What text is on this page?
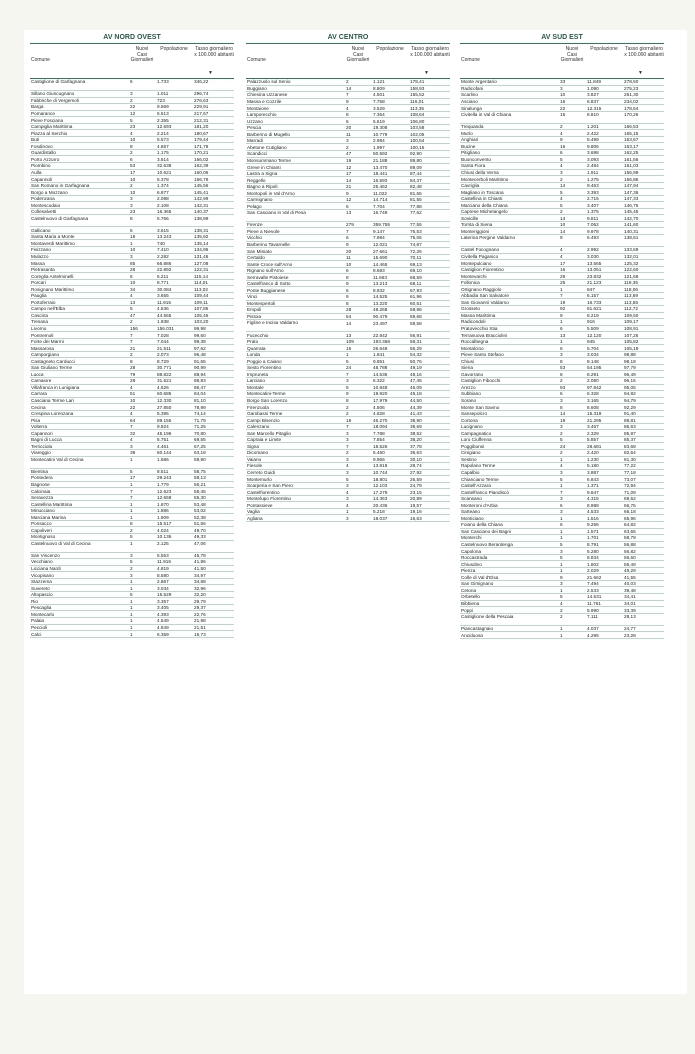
AV NORD OVEST
Comune
Nuovi Casi Giornalieri
Popolazione	Tasso giornaliero x 100.000 abitanti
▼
Castiglione di Garfagnana	6	1.733	346,22
Sillano Giuncugnano	3	1.011	296,74
Fabbriche di Vergemoli	2	723	276,63
Barga	22	9.569	229,91
Pomarance	12	5.513	217,67
Pieve Fosciana	5	2.355	212,31
Campiglia Marittima	23	12.693	181,20
Piazza al Serchio	4	2.214	180,67
Buti	10	5.573	179,44
Fosdinovo	8	4.657	171,78
Guardistallo	2	1.175	170,21
Porto Azzurro	6	3.614	166,02
Piombino	53	32.638	162,39
Aulla	17	10.621	160,06
Capannoli	10	6.378	156,79
San Romano in Garfagnana	2	1.374	145,56
Borgo a Mozzano	10	6.877	145,41
Podenzana	3	2.098	142,99
Montescudaio	3	2.108	142,31
Collesalvetti	23	16.365	140,37
Castelnuovo di Garfagnana	8	5.756	138,99
Gallicano	5	3.615	138,31
Santa Maria a Monte	18	13.243	135,92
Montaverdi Marittimo	1	740	135,14
Fivizzano	10	7.410	134,95
Mulazzo	3	2.282	131,46
Massa	85	66.886	127,08
Pietrasanta	28	22.892	122,31
Coreglia Antelminelli	6	5.211	115,14
Porcari	10	8.771	114,01
Rosignano Marittimo	34	30.084	113,02
Pauglia	4	3.655	109,44
Portoferraio	13	11.915	109,11
Campo nell'Elba	5	4.636	107,85
Cascina	47	44.565	105,46
Tresana	2	1.938	103,20
Livorno	156	156.031	99,98
Pontremoli	7	7.028	99,60
Forte dei Marmi	7	7.044	99,38
Massarosa	21	21.511	97,62
Camporgiano	2	2.073	96,48
Castagneto Carducci	8	8.729	91,65
San Giuliano Terme	28	30.771	90,99
Lucca	79	88.822	88,94
Camaiore	28	31.521	88,83
Villafranca in Lunigiana	4	4.626	86,47
Carrara	51	60.685	84,04
Casciana Terme Lari	10	12.330	81,10
Cecina	22	27.850	78,99
Crespina Lorenzana	4	5.395	74,14
Pisa	64	89.155	71,79
Volterra	7	9.824	71,25
Capannori	32	45.196	70,80
Bagni di Lucca	4	5.751	69,55
Terricciola	3	4.461	67,25
Viareggio	38	60.144	63,18
Montecatini Val di Cecina	1	1.686	59,90
Bientina	5	8.511	58,75
Pontedera	17	29.243	58,13
Bagnone	1	1.779	56,21
Calcinaia	7	12.623	55,45
Seravezza	7	12.658	55,30
Castellina Marittima	1	1.870	53,48
Minucciano	1	1.886	53,02
Marciana Marina	1	1.909	52,38
Ponsacco	8	15.517	51,56
Capoliveri	2	4.024	49,70
Montignoso	5	10.136	49,33
Castelnuovo di Val di Cecina	1	2.125	47,06
San Vincenzo	3	6.553	45,78
Vecchiano	5	11.916	41,96
Licciana Nardi	2	4.819	41,50
Vicopisano	3	8.580	34,97
Stazzema	1	2.867	34,88
Suvereto	1	3.034	32,96
Altopascio	5	15.529	32,20
Rio	1	3.357	29,79
Pescaglia	1	3.405	29,37
Montecarlo	1	4.393	22,76
Palaia	1	4.549	21,98
Peccioli	1	4.849	21,51
Calci	1	6.359	15,73
AV CENTRO
Comune
Nuovi Casi Giornalieri
Popolazione	Tasso giornaliero x 100.000 abitanti
▼
Palazzuolo sul Senio	2	1.121	178,41
Buggiano	14	8.809	158,93
Chiesina Uzzanese	7	4.501	155,52
Massa e Cozzile	9	7.758	116,01
Montaione	4	3.529	113,35
Lamporecchio	8	7.364	108,64
Uzzano	6	5.619	106,80
Pescia	20	19.308	103,58
Barberino di Mugello	11	10.779	102,05
Marradi	3	2.984	100,54
Abetone Cutigliano	2	1.997	100,15
Scandicci	47	50.592	92,90
Monsummano Terme	19	21.188	89,80
Greve in Chianti	12	13.470	89,09
Lastra a Signa	17	18.441	87,44
Reggello	14	16.593	84,37
Bagno a Ripoli	21	25.462	82,48
Montopoli in Val d'Arno	9	11.022	81,65
Carmignano	12	14.714	81,55
Pelago	6	7.704	77,88
San Casciano in Val di Pesa	13	16.749	77,62
Firenze	279	359.755	77,55
Pieve a Nievole	7	9.147	76,53
Vicchio	6	7.994	75,06
Barberino Tavarnelle	9	12.021	74,87
San Miniato	20	27.661	72,25
Certaldo	11	15.690	70,11
Sante Croce sull'Arno	10	14.465	69,13
Rignano sull'Arno	6	8.683	69,10
Serravalle Pistoiese	8	11.663	68,59
Castelfranco di Sotto	9	13.213	68,11
Ponte Buggianese	6	8.832	67,93
Vinci	9	14.525	61,96
Montespertoli	8	13.220	60,51
Empoli	28	48.268	58,96
Pistoia	54	90.479	59,68
Figline e Incisa Valdarno	14	23.497	59,58
Fucecchio	13	22.842	56,91
Prato	109	193.368	56,31
Quarrata	15	26.648	56,29
Londa	1	1.841	54,32
Poggio a Caiano	5	9.851	50,76
Sesto Fiorentino	24	48.788	49,19
Impruneta	7	14.536	48,16
Larciano	3	6.322	47,45
Montale	5	10.848	46,09
Montecatini-Terme	9	19.920	45,18
Borgo San Lorenzo	8	17.979	44,50
Firenzuola	2	4.506	44,39
Gambassi Terme	2	4.828	41,43
Campi Bisenzio	18	46.270	38,90
Calenzano	7	18.094	38,69
San Marcello Pitaglio	3	7.788	38,52
Capraia e Limite	3	7.854	38,20
Signa	7	18.526	37,78
Dicomano	2	5.460	36,63
Vaiano	3	9.966	30,10
Fiesole	4	13.918	28,74
Cerreto Guidi	3	10.744	27,92
Montemurlo	5	18.801	26,59
Scarperia e San Piero	3	12.103	24,79
Castelfiorentino	4	17.279	23,15
Montelupo Fiorentino	3	14.363	20,89
Pontassieve	4	20.436	19,57
Vaglia	1	5.218	19,16
Agliana	3	18.037	16,63
AV SUD EST
Comune
Nuovi Casi Giornalieri
Popolazione	Tasso giornaliero x 100.000 abitanti
▼
Monte Argentario	33	11.849	278,50
Radicofani	3	1.090	275,23
Scarlino	10	3.827	261,30
Asciano	16	6.837	234,02
Sinalunga	22	12.315	178,64
Civitella in Val di Chiana	15	8.810	170,26
Trequanda	2	1.201	166,53
Murlo	4	2.422	165,15
Anghiari	9	5.499	163,67
Bucine	16	9.806	163,17
Pitigliano	6	3.698	162,25
Buonconvento	5	3.093	161,66
Santa Fiora	4	2.484	161,03
Chiusi della Verna	3	1.911	156,99
Montecerboli Marittimo	2	1.275	156,86
Cavriglia	14	9.463	147,94
Magliano in Toscana	5	3.393	147,36
Castellina in Chianti	4	2.715	147,33
Marciano della Chiana	5	3.407	146,76
Caprese Michelangelo	2	1.375	145,45
Sovicille	14	9.811	142,70
Torrita di Siena	10	7.062	141,60
Monteriggioni	14	9.978	140,31
Laterina Pergine Valdarno	9	6.493	138,61
Castel Focognano	4	2.992	133,69
Civitella Paganico	4	3.030	132,01
Montepulciano	17	13.565	125,32
Castiglion Fiorentino	16	13.051	122,60
Montevarchi	29	23.832	121,68
Follonica	25	21.123	118,35
Ortignano Raggiolo	1	847	118,06
Abbadia San Salvatore	7	6.157	113,69
San Giovanni Valdarno	19	16.733	113,55
Grosseto	92	81.621	112,72
Massa Marittima	9	8.219	109,50
Radicondoli	1	916	109,17
Pratovecchio Stia	6	5.509	108,91
Terranuova Bracciolini	13	12.120	107,26
Roccalbegna	1	945	105,82
Montalcino	6	5.704	105,19
Pieve Santo Stefano	3	3.034	98,88
Chiusi	8	8.148	98,18
Siena	53	54.195	97,79
Gavorrano	8	8.291	96,49
Castiglion Fibocchi	2	2.080	96,15
Arezzo	93	97.842	95,05
Subbiano	6	6.328	94,82
Sorano	3	3.165	94,79
Monte San Savino	8	8.608	92,29
Sansepolcro	14	15.319	91,40
Cortona	19	21.295	88,81
Lucignano	3	3.467	86,53
Campagnatico	2	2.329	85,87
Loro Ciuffenna	5	5.857	85,37
Poggibonsi	24	28.681	83,68
Cinigiano	2	2.420	82,64
Sestino	1	1.230	81,30
Rapolano Terme	4	5.180	77,22
Capalbio	3	3.887	77,18
Chianciano Terme	5	6.843	73,07
Castell'Azzara	1	1.371	72,94
Castelfranco Piandiscò	7	9.847	71,09
Scansano	3	4.315	69,52
Monteroni d'Arbia	6	8.988	66,76
Sarteano	3	4.533	66,18
Monticiano	1	1.516	65,96
Foiano della Chiana	6	9.256	64,82
San Casciano dei Bagni	1	1.571	63,65
Monterchi	1	1.701	58,79
Castelnuovo Berardenga	5	8.791	56,88
Capolona	3	5.280	56,82
Roccastrada	5	8.834	56,60
Chiusdino	1	1.802	55,49
Pienza	1	2.029	49,29
Colle di Val d'Elsa	9	21.662	41,55
San Gimignano	3	7.494	40,03
Cetona	1	2.533	39,48
Orbetello	5	14.531	34,41
Bibbiena	4	11.761	34,01
Poppi	2	5.990	33,39
Castiglione della Pescaia	2	7.111	28,13
Piancastagnaio	1	4.037	24,77
Anciduosa	1	4.295	23,28
